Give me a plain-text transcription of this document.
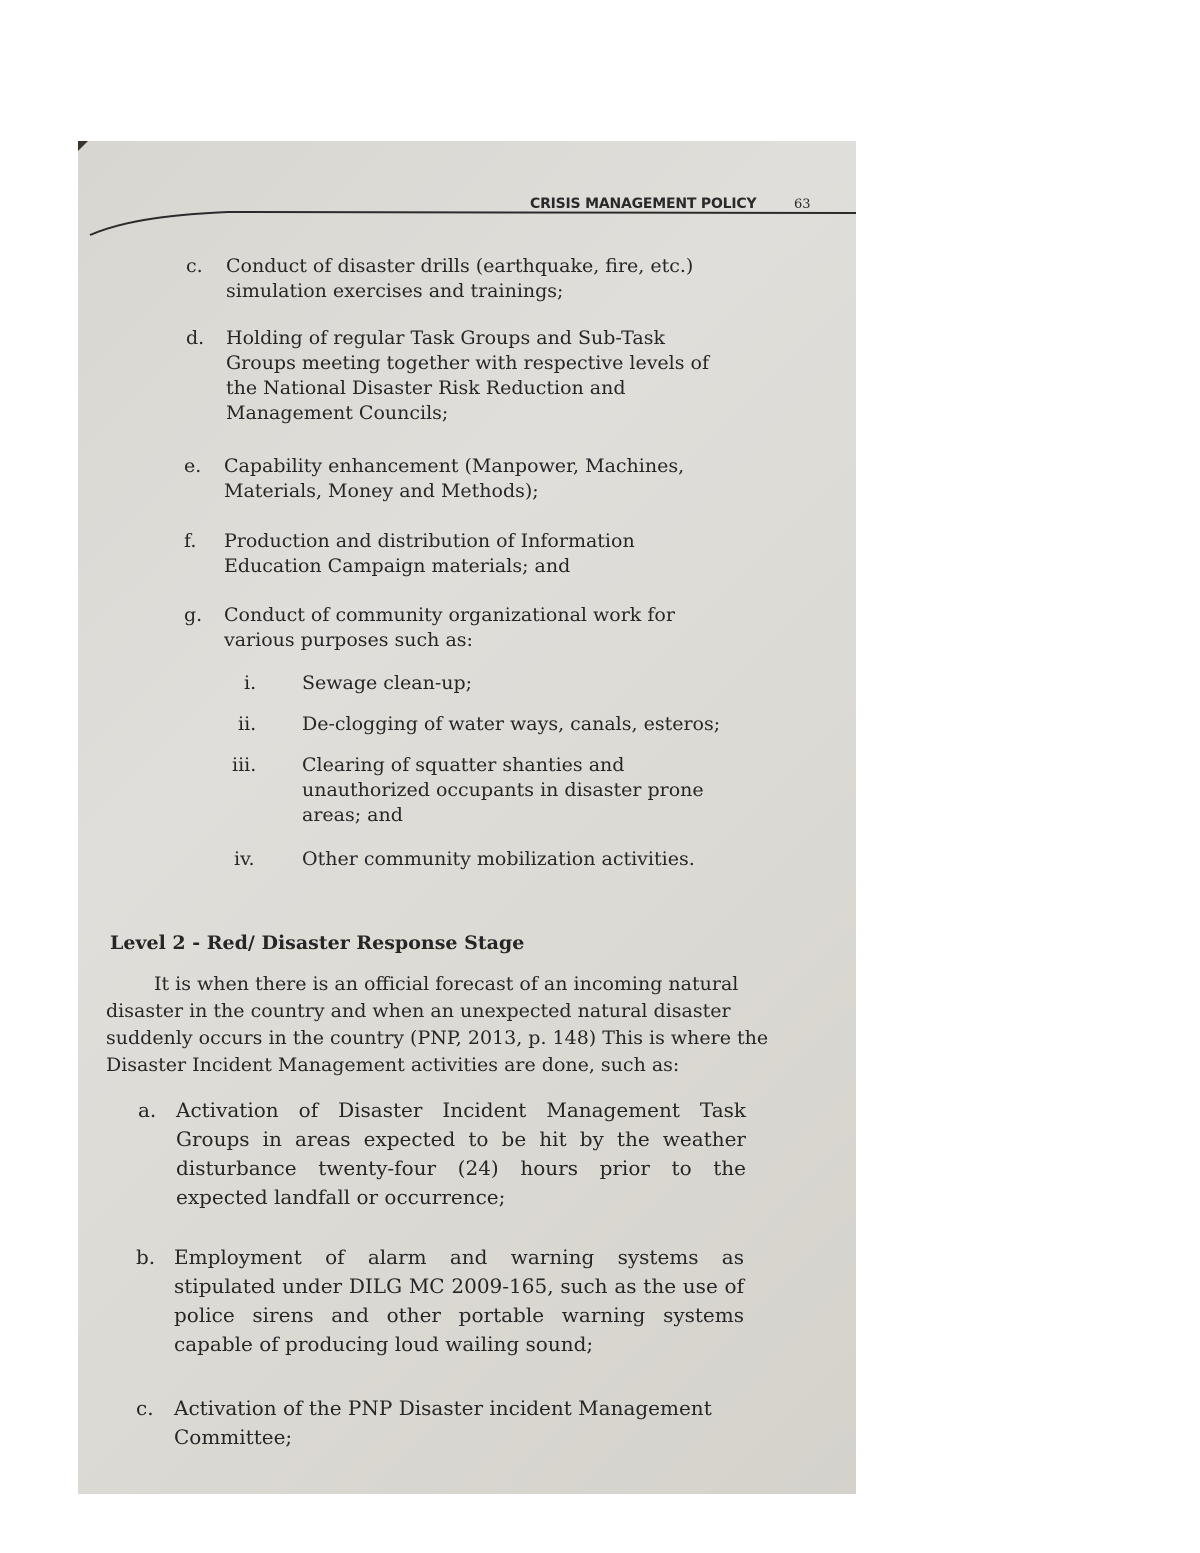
CRISIS MANAGEMENT POLICY	63
c. Conduct of disaster drills (earthquake, fire, etc.) simulation exercises and trainings;
d. Holding of regular Task Groups and Sub-Task Groups meeting together with respective levels of the National Disaster Risk Reduction and Management Councils;
e. Capability enhancement (Manpower, Machines, Materials, Money and Methods);
f. Production and distribution of Information Education Campaign materials; and
g. Conduct of community organizational work for various purposes such as:
i. Sewage clean-up;
ii. De-clogging of water ways, canals, esteros;
iii. Clearing of squatter shanties and unauthorized occupants in disaster prone areas; and
iv. Other community mobilization activities.
Level 2 - Red/ Disaster Response Stage
It is when there is an official forecast of an incoming natural disaster in the country and when an unexpected natural disaster suddenly occurs in the country (PNP, 2013, p. 148) This is where the Disaster Incident Management activities are done, such as:
a. Activation of Disaster Incident Management Task Groups in areas expected to be hit by the weather disturbance twenty-four (24) hours prior to the expected landfall or occurrence;
b. Employment of alarm and warning systems as stipulated under DILG MC 2009-165, such as the use of police sirens and other portable warning systems capable of producing loud wailing sound;
c. Activation of the PNP Disaster incident Management Committee;
